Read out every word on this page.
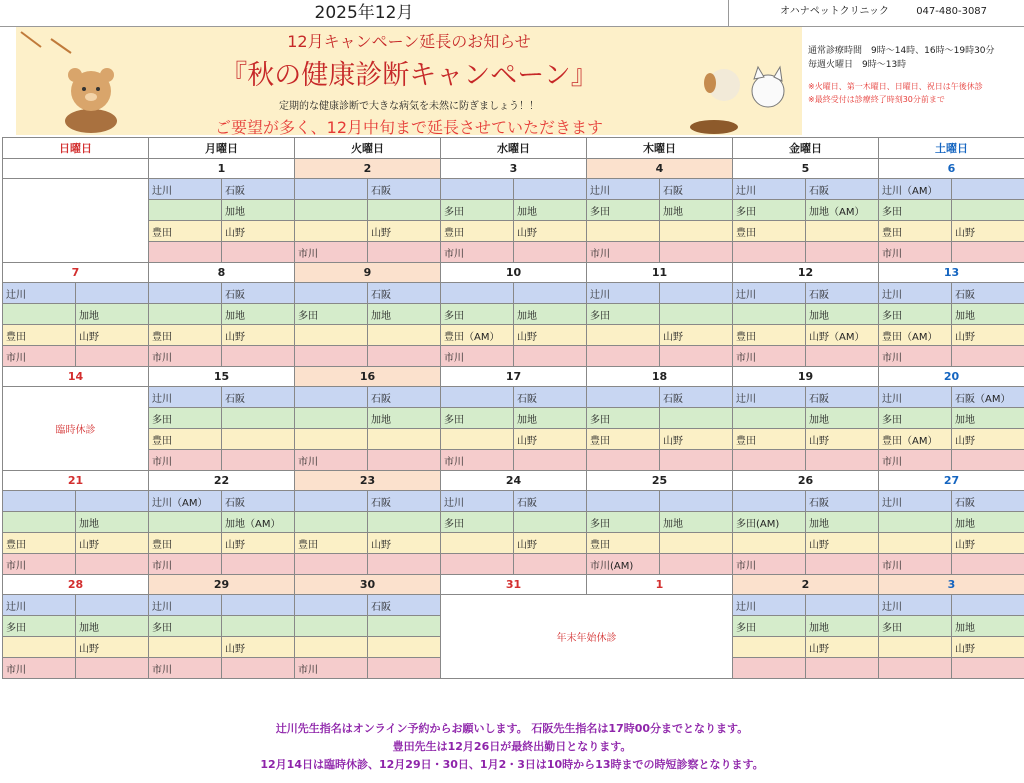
2025年12月	オハナペットクリニック	047-480-3087
12月キャンペーン延長のお知らせ
『秋の健康診断キャンペーン』
定期的な健康診断で大きな病気を未然に防ぎましょう！！
ご要望が多く、12月中旬まで延長させていただきます
通常診療時間　9時～14時、16時～19時30分
毎週火曜日　9時～13時
※火曜日、第一木曜日、日曜日、祝日は午後休診
※最終受付は診療終了時刻30分前まで
日曜日		月曜日		火曜日		水曜日		木曜日		金曜日		土曜日	
		1		2		3		4		5		6	
		辻川	石阪		石阪			辻川	石阪	辻川	石阪	辻川（AM）	
			加地			多田	加地	多田	加地	多田	加地（AM）	多田	
		豊田	山野		山野	豊田	山野			豊田		豊田	山野
				市川		市川		市川				市川	
7		8		9		10		11		12		13	
辻川			石阪		石阪			辻川		辻川	石阪	辻川	石阪
	加地		加地	多田	加地	多田	加地	多田			加地	多田	加地
豊田	山野	豊田	山野			豊田（AM）	山野		山野	豊田	山野（AM）	豊田（AM）	山野
市川		市川				市川				市川		市川	
14		15		16		17		18		19		20	
臨時休診		辻川	石阪		石阪		石阪		石阪	辻川	石阪	辻川	石阪（AM）
		多田			加地	多田	加地	多田			加地	多田	加地
		豊田					山野	豊田	山野	豊田	山野	豊田（AM）	山野
		市川		市川		市川						市川	
21		22		23		24		25		26		27	
		辻川（AM）	石阪		石阪	辻川	石阪				石阪	辻川	石阪
	加地		加地（AM）			多田		多田	加地	多田(AM)	加地		加地
豊田	山野	豊田	山野	豊田	山野		山野	豊田			山野		山野
市川		市川						市川(AM)		市川		市川	
28		29		30		31		1		2		3	
辻川		辻川			石阪	年末年始休診				辻川		辻川	
多田	加地	多田								多田	加地	多田	加地
	山野		山野								山野		山野
市川		市川		市川									
辻川先生指名はオンライン予約からお願いします。 石阪先生指名は17時00分までとなります。
豊田先生は12月26日が最終出勤日となります。
12月14日は臨時休診、12月29日・30日、1月2・3日は10時から13時までの時短診察となります。
